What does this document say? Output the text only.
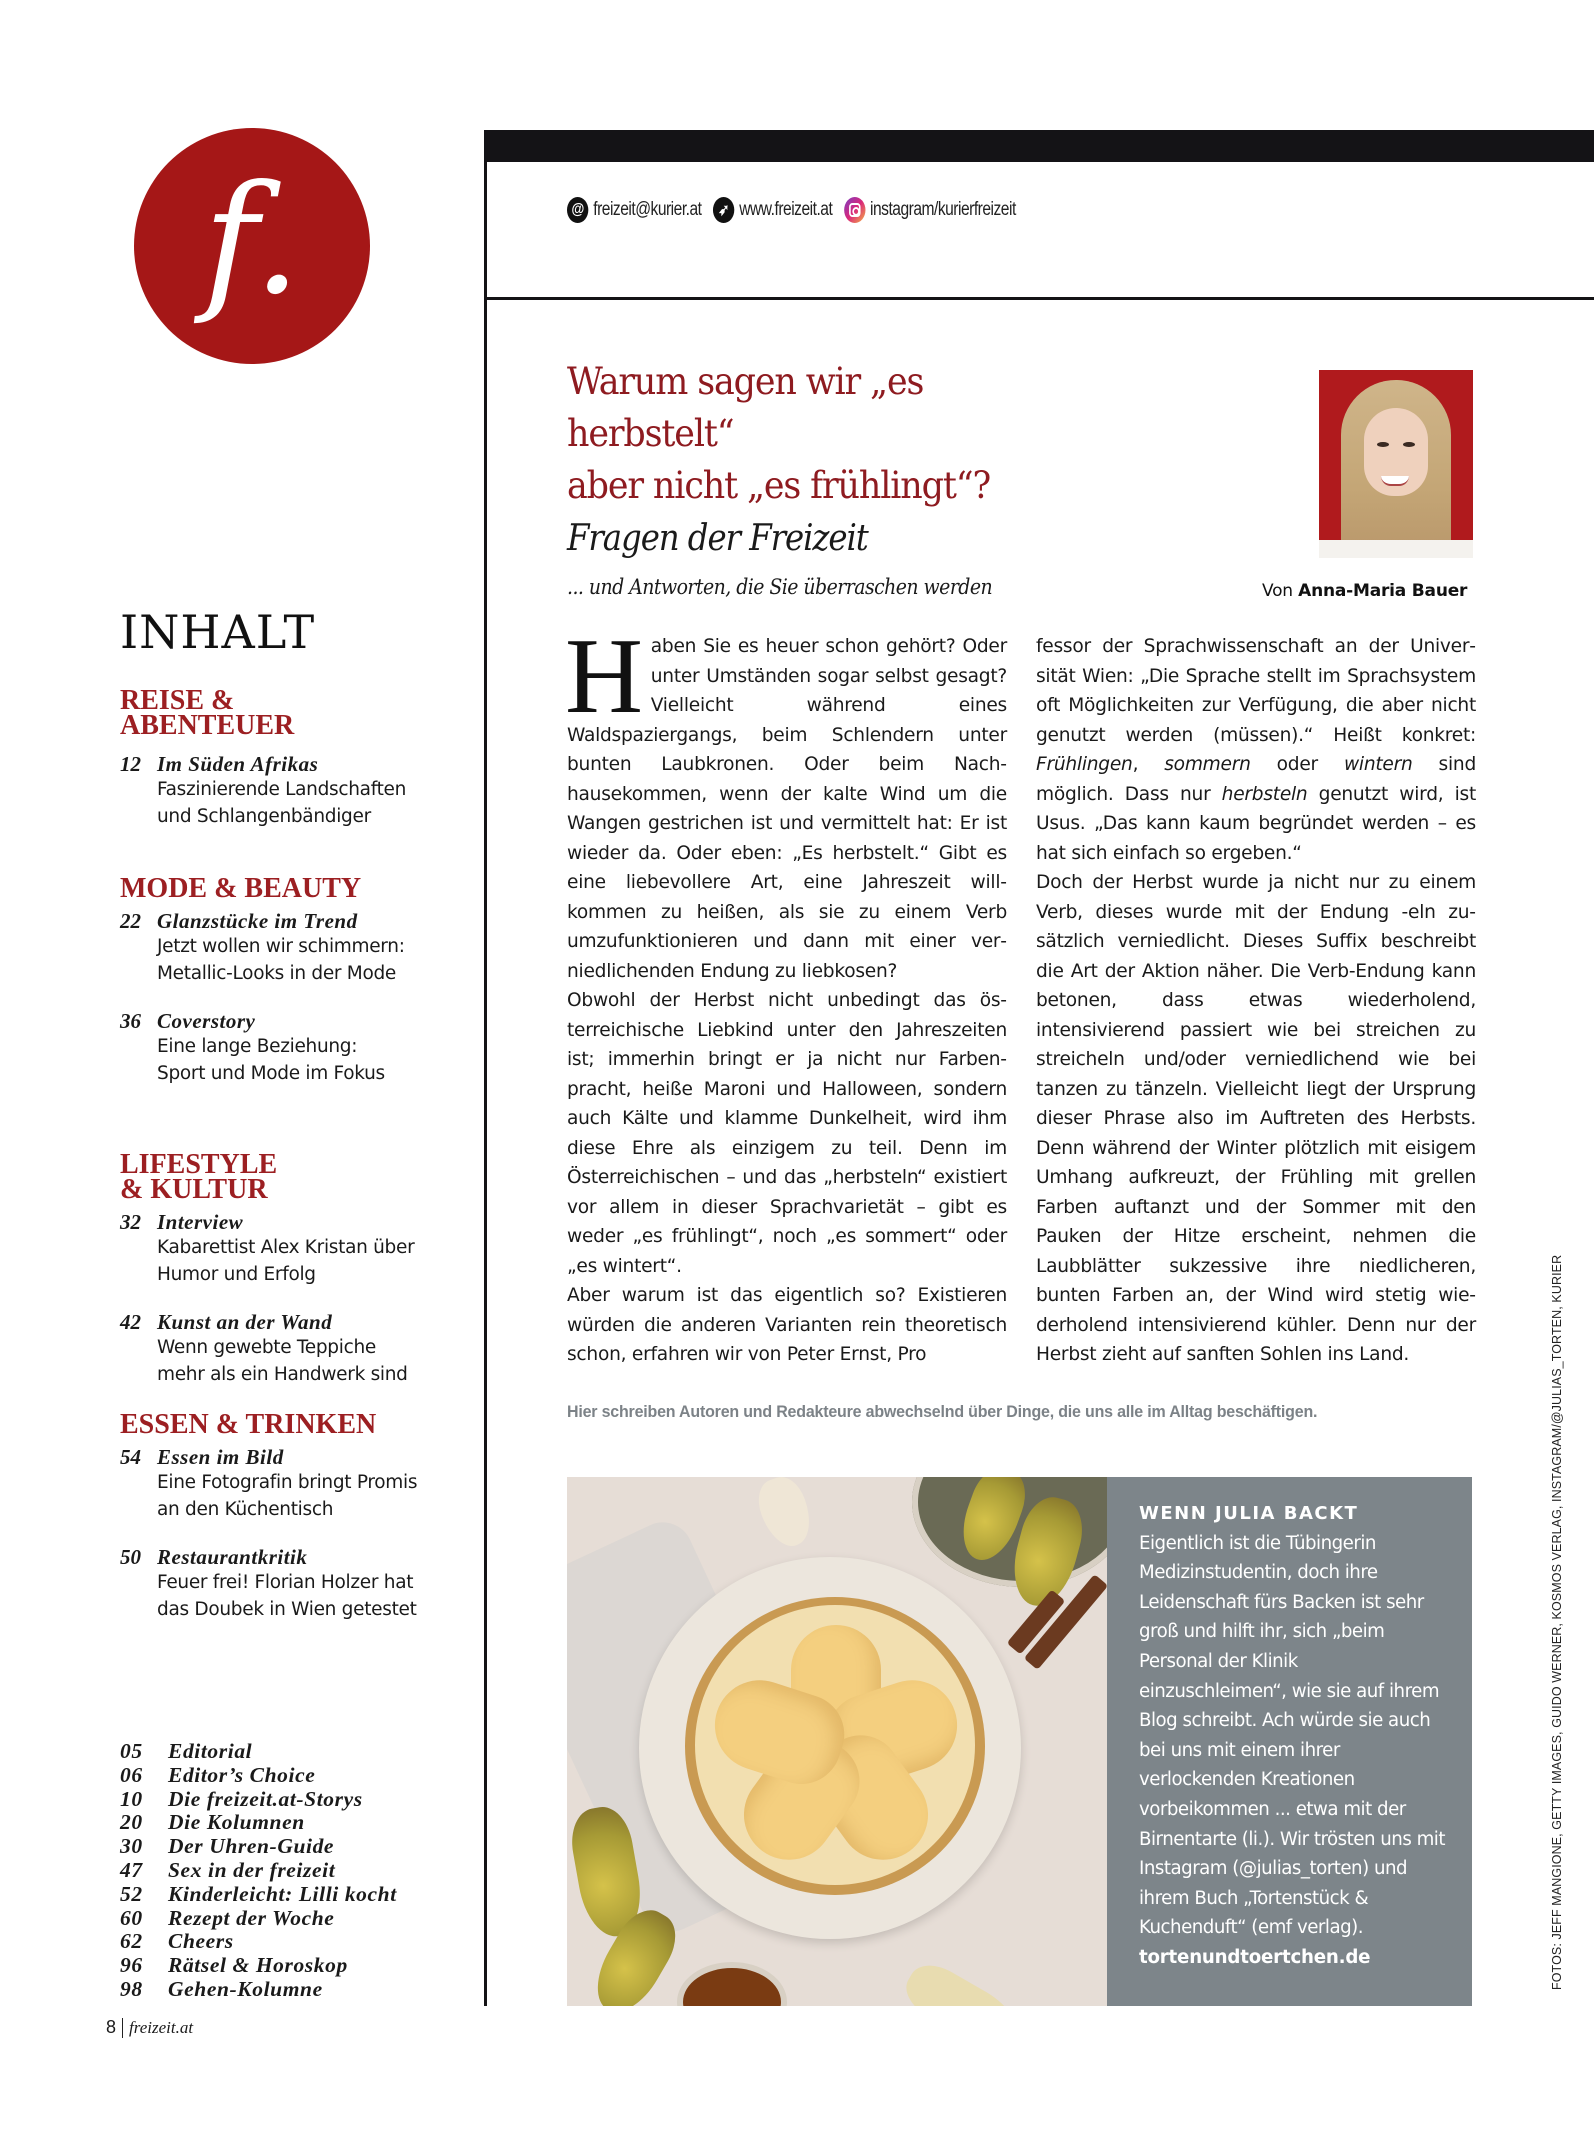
f.	@ freizeit@kurier.at	➶ www.freizeit.at instagram/kurierfreizeit
INHALT
REISE &
ABENTEUER
12 Im Süden Afrikas
Faszinierende Landschaften
und Schlangenbändiger
MODE & BEAUTY
22 Glanzstücke im Trend
Jetzt wollen wir schimmern:
Metallic-Looks in der Mode
36 Coverstory
Eine lange Beziehung:
Sport und Mode im Fokus
LIFESTYLE
& KULTUR
32 Interview
Kabarettist Alex Kristan über
Humor und Erfolg
42 Kunst an der Wand
Wenn gewebte Teppiche
mehr als ein Handwerk sind
ESSEN & TRINKEN
54 Essen im Bild
Eine Fotografin bringt Promis
an den Küchentisch
50 Restaurantkritik
Feuer frei! Florian Holzer hat
das Doubek in Wien getestet
05	Editorial
06	Editor’s Choice
10	Die freizeit.at-Storys
20	Die Kolumnen
30	Der Uhren-Guide
47	Sex in der freizeit
52	Kinderleicht: Lilli kocht
60	Rezept der Woche
62	Cheers
96	Rätsel & Horoskop
98	Gehen-Kolumne
8 freizeit.at
Warum sagen wir „es herbstelt“
aber nicht „es frühlingt“?
Fragen der Freizeit
... und Antworten, die Sie überraschen werden	Von Anna-Maria Bauer

Haben Sie es heuer schon gehört? Oder unter Umständen sogar selbst gesagt? Vielleicht während eines Waldspaziergangs, beim Schlendern unter bunten Laubkronen. Oder beim Nachhausekommen, wenn der kalte Wind um die Wangen gestrichen ist und vermittelt hat: Er ist wieder da. Oder eben: „Es herbstelt.“ Gibt es eine liebevollere Art, eine Jahreszeit willkommen zu heißen, als sie zu einem Verb umzufunktionieren und dann mit einer verniedlichenden Endung zu liebkosen?

Obwohl der Herbst nicht unbedingt das österreichische Liebkind unter den Jahreszeiten ist; immerhin bringt er ja nicht nur Farbenpracht, heiße Maroni und Halloween, sondern auch Kälte und klamme Dunkelheit, wird ihm diese Ehre als einzigem zu teil. Denn im Österreichischen – und das „herbsteln“ existiert vor allem in dieser Sprachvarietät – gibt es weder „es frühlingt“, noch „es sommert“ oder „es wintert“.

Aber warum ist das eigentlich so? Existieren würden die anderen Varianten rein theoretisch schon, erfahren wir von Peter Ernst, Pro

fessor der Sprachwissenschaft an der Universität Wien: „Die Sprache stellt im Sprachsystem oft Möglichkeiten zur Verfügung, die aber nicht genutzt werden (müssen).“ Heißt konkret: Frühlingen, sommern oder wintern sind möglich. Dass nur herbsteln genutzt wird, ist Usus. „Das kann kaum begründet werden – es hat sich einfach so ergeben.“

Doch der Herbst wurde ja nicht nur zu einem Verb, dieses wurde mit der Endung -eln zusätzlich verniedlicht. Dieses Suffix beschreibt die Art der Aktion näher. Die Verb-Endung kann betonen, dass etwas wiederholend, intensivierend passiert wie bei streichen zu streicheln und/oder verniedlichend wie bei tanzen zu tänzeln. Vielleicht liegt der Ursprung dieser Phrase also im Auftreten des Herbsts. Denn während der Winter plötzlich mit eisigem Umhang aufkreuzt, der Frühling mit grellen Farben auftanzt und der Sommer mit den Pauken der Hitze erscheint, nehmen die Laubblätter sukzessive ihre niedlicheren, bunten Farben an, der Wind wird stetig wiederholend intensivierend kühler. Denn nur der Herbst zieht auf sanften Sohlen ins Land.

Hier schreiben Autoren und Redakteure abwechselnd über Dinge, die uns alle im Alltag beschäftigen.
WENN JULIA BACKT
Eigentlich ist die Tübingerin Medizinstudentin, doch ihre Leidenschaft fürs Backen ist sehr groß und hilft ihr, sich „beim Personal der Klinik einzuschleimen“, wie sie auf ihrem Blog schreibt. Ach würde sie auch bei uns mit einem ihrer verlockenden Kreationen vorbeikommen ... etwa mit der Birnentarte (li.). Wir trösten uns mit Instagram (@julias_torten) und ihrem Buch „Tortenstück & Kuchenduft“ (emf verlag).
tortenundtoertchen.de	FOTOS: JEFF MANGIONE, GETTY IMAGES, GUIDO WERNER, KOSMOS VERLAG, INSTAGRAM/@JULIAS_TORTEN, KURIER
